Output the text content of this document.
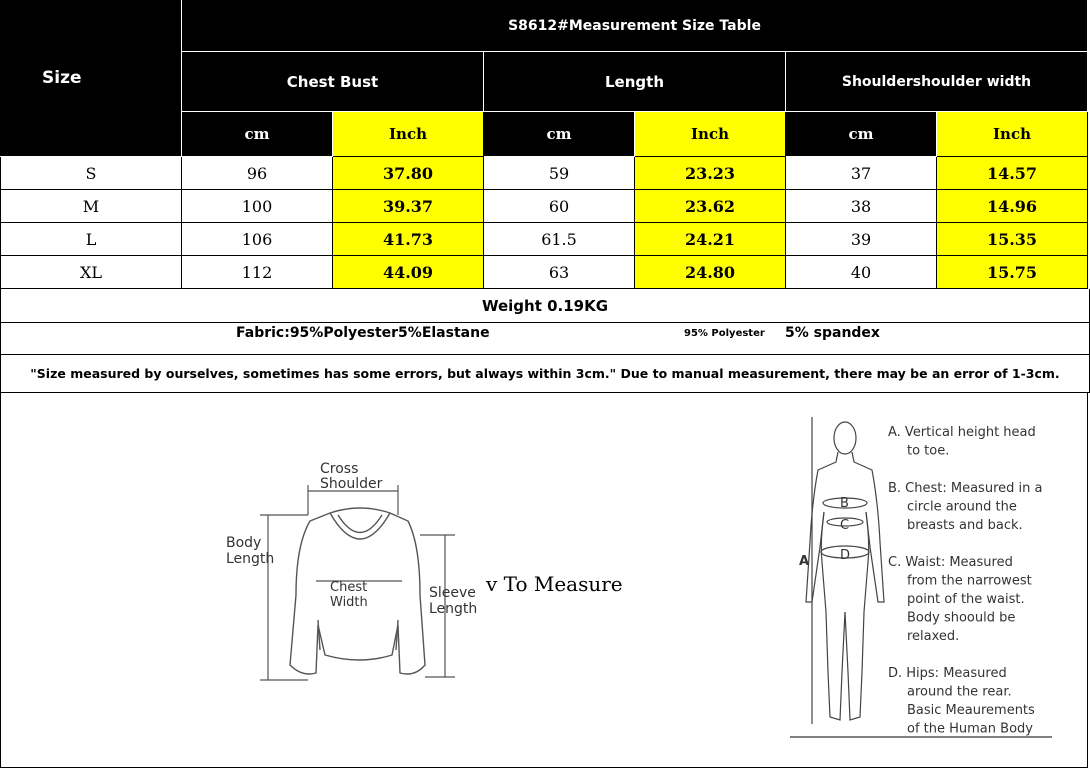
Size
S8612#Measurement Size Table
Chest Bust	Length	Shouldershoulder width
cm	Inch	cm	Inch	cm	Inch
S	96	37.80	59	23.23	37	14.57
M	100	39.37	60	23.62	38	14.96
L	106	41.73	61.5	24.21	39	15.35
XL	112	44.09	63	24.80	40	15.75
Weight 0.19KG
Fabric:95%Polyester5%Elastane	95% Polyester 5% spandex
"Size measured by ourselves, sometimes has some errors, but always within 3cm." Due to manual measurement, there may be an error of 1-3cm.
Cross
Shoulder
Body
Length
Chest
Width
Sleeve
Length
v To Measure
A
B
C
D
A. Vertical height head
to toe.
B. Chest: Measured in a
circle around the
breasts and back.
C. Waist: Measured
from the narrowest
point of the waist.
Body shoould be
relaxed.
D. Hips: Measured
around the rear.
Basic Meaurements
of the Human Body
